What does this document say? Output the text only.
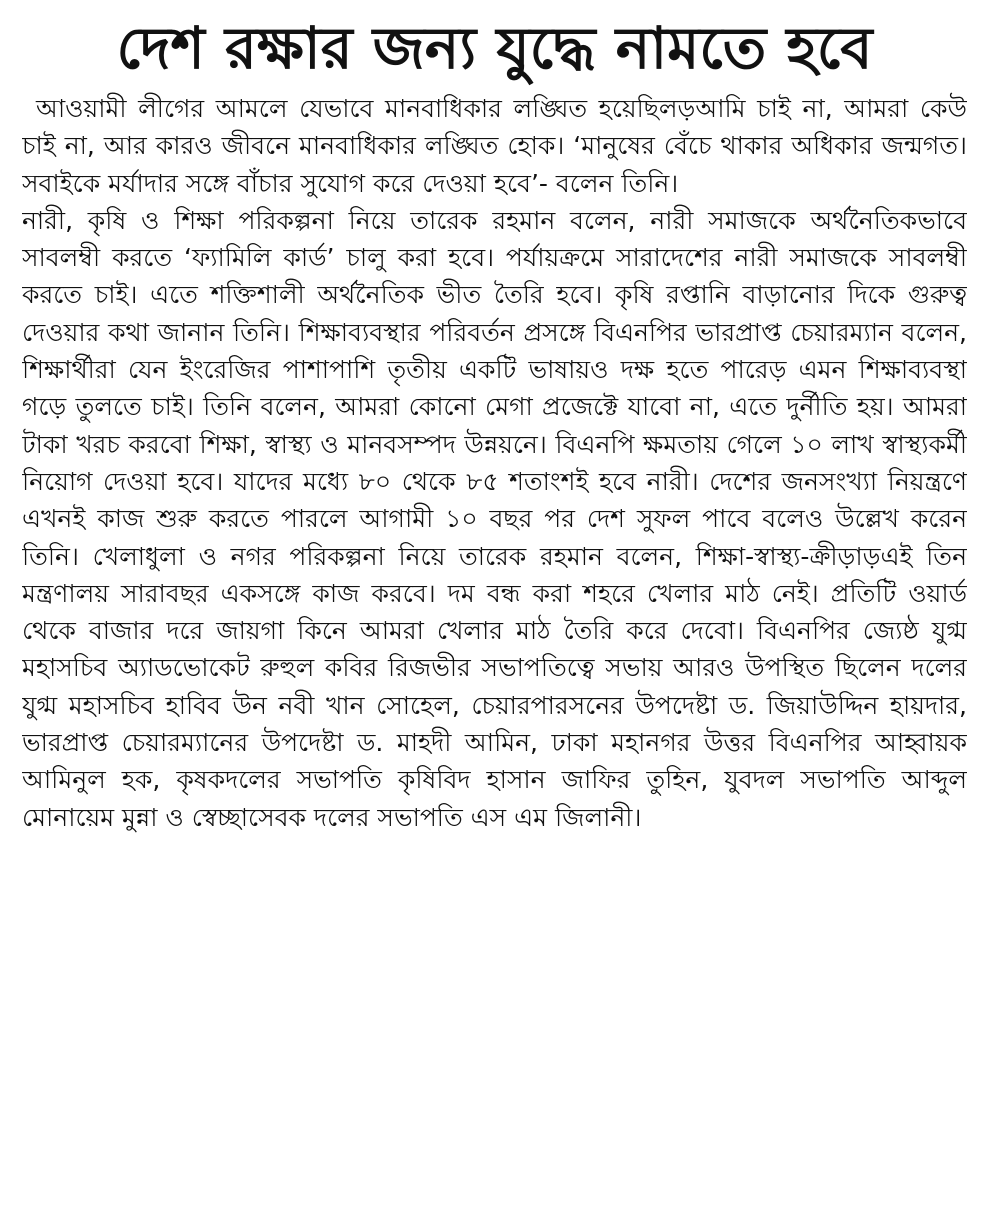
দেশ রক্ষার জন্য যুদ্ধে নামতে হবে

আওয়ামী লীগের আমলে যেভাবে মানবাধিকার লঙ্ঘিত হয়েছিলড়আমি চাই না, আমরা কেউ চাই না, আর কারও জীবনে মানবাধিকার লঙ্ঘিত হোক। ‘মানুষের বেঁচে থাকার অধিকার জন্মগত। সবাইকে মর্যাদার সঙ্গে বাঁচার সুযোগ করে দেওয়া হবে’- বলেন তিনি।

নারী, কৃষি ও শিক্ষা পরিকল্পনা নিয়ে তারেক রহমান বলেন, নারী সমাজকে অর্থনৈতিকভাবে সাবলম্বী করতে ‘ফ্যামিলি কার্ড’ চালু করা হবে। পর্যায়ক্রমে সারাদেশের নারী সমাজকে সাবলম্বী করতে চাই। এতে শক্তিশালী অর্থনৈতিক ভীত তৈরি হবে। কৃষি রপ্তানি বাড়ানোর দিকে গুরুত্ব দেওয়ার কথা জানান তিনি। শিক্ষাব্যবস্থার পরিবর্তন প্রসঙ্গে বিএনপির ভারপ্রাপ্ত চেয়ারম্যান বলেন, শিক্ষার্থীরা যেন ইংরেজির পাশাপাশি তৃতীয় একটি ভাষায়ও দক্ষ হতে পারেড় এমন শিক্ষাব্যবস্থা গড়ে তুলতে চাই। তিনি বলেন, আমরা কোনো মেগা প্রজেক্টে যাবো না, এতে দুর্নীতি হয়। আমরা টাকা খরচ করবো শিক্ষা, স্বাস্থ্য ও মানবসম্পদ উন্নয়নে। বিএনপি ক্ষমতায় গেলে ১০ লাখ স্বাস্থ্যকর্মী নিয়োগ দেওয়া হবে। যাদের মধ্যে ৮০ থেকে ৮৫ শতাংশই হবে নারী। দেশের জনসংখ্যা নিয়ন্ত্রণে এখনই কাজ শুরু করতে পারলে আগামী ১০ বছর পর দেশ সুফল পাবে বলেও উল্লেখ করেন তিনি। খেলাধুলা ও নগর পরিকল্পনা নিয়ে তারেক রহমান বলেন, শিক্ষা-স্বাস্থ্য-ক্রীড়াড়এই তিন মন্ত্রণালয় সারাবছর একসঙ্গে কাজ করবে। দম বন্ধ করা শহরে খেলার মাঠ নেই। প্রতিটি ওয়ার্ড থেকে বাজার দরে জায়গা কিনে আমরা খেলার মাঠ তৈরি করে দেবো। বিএনপির জ্যেষ্ঠ যুগ্ম মহাসচিব অ্যাডভোকেট রুহুল কবির রিজভীর সভাপতিত্বে সভায় আরও উপস্থিত ছিলেন দলের যুগ্ম মহাসচিব হাবিব উন নবী খান সোহেল, চেয়ারপারসনের উপদেষ্টা ড. জিয়াউদ্দিন হায়দার, ভারপ্রাপ্ত চেয়ারম্যানের উপদেষ্টা ড. মাহদী আমিন, ঢাকা মহানগর উত্তর বিএনপির আহ্বায়ক আমিনুল হক, কৃষকদলের সভাপতি কৃষিবিদ হাসান জাফির তুহিন, যুবদল সভাপতি আব্দুল মোনায়েম মুন্না ও স্বেচ্ছাসেবক দলের সভাপতি এস এম জিলানী।
